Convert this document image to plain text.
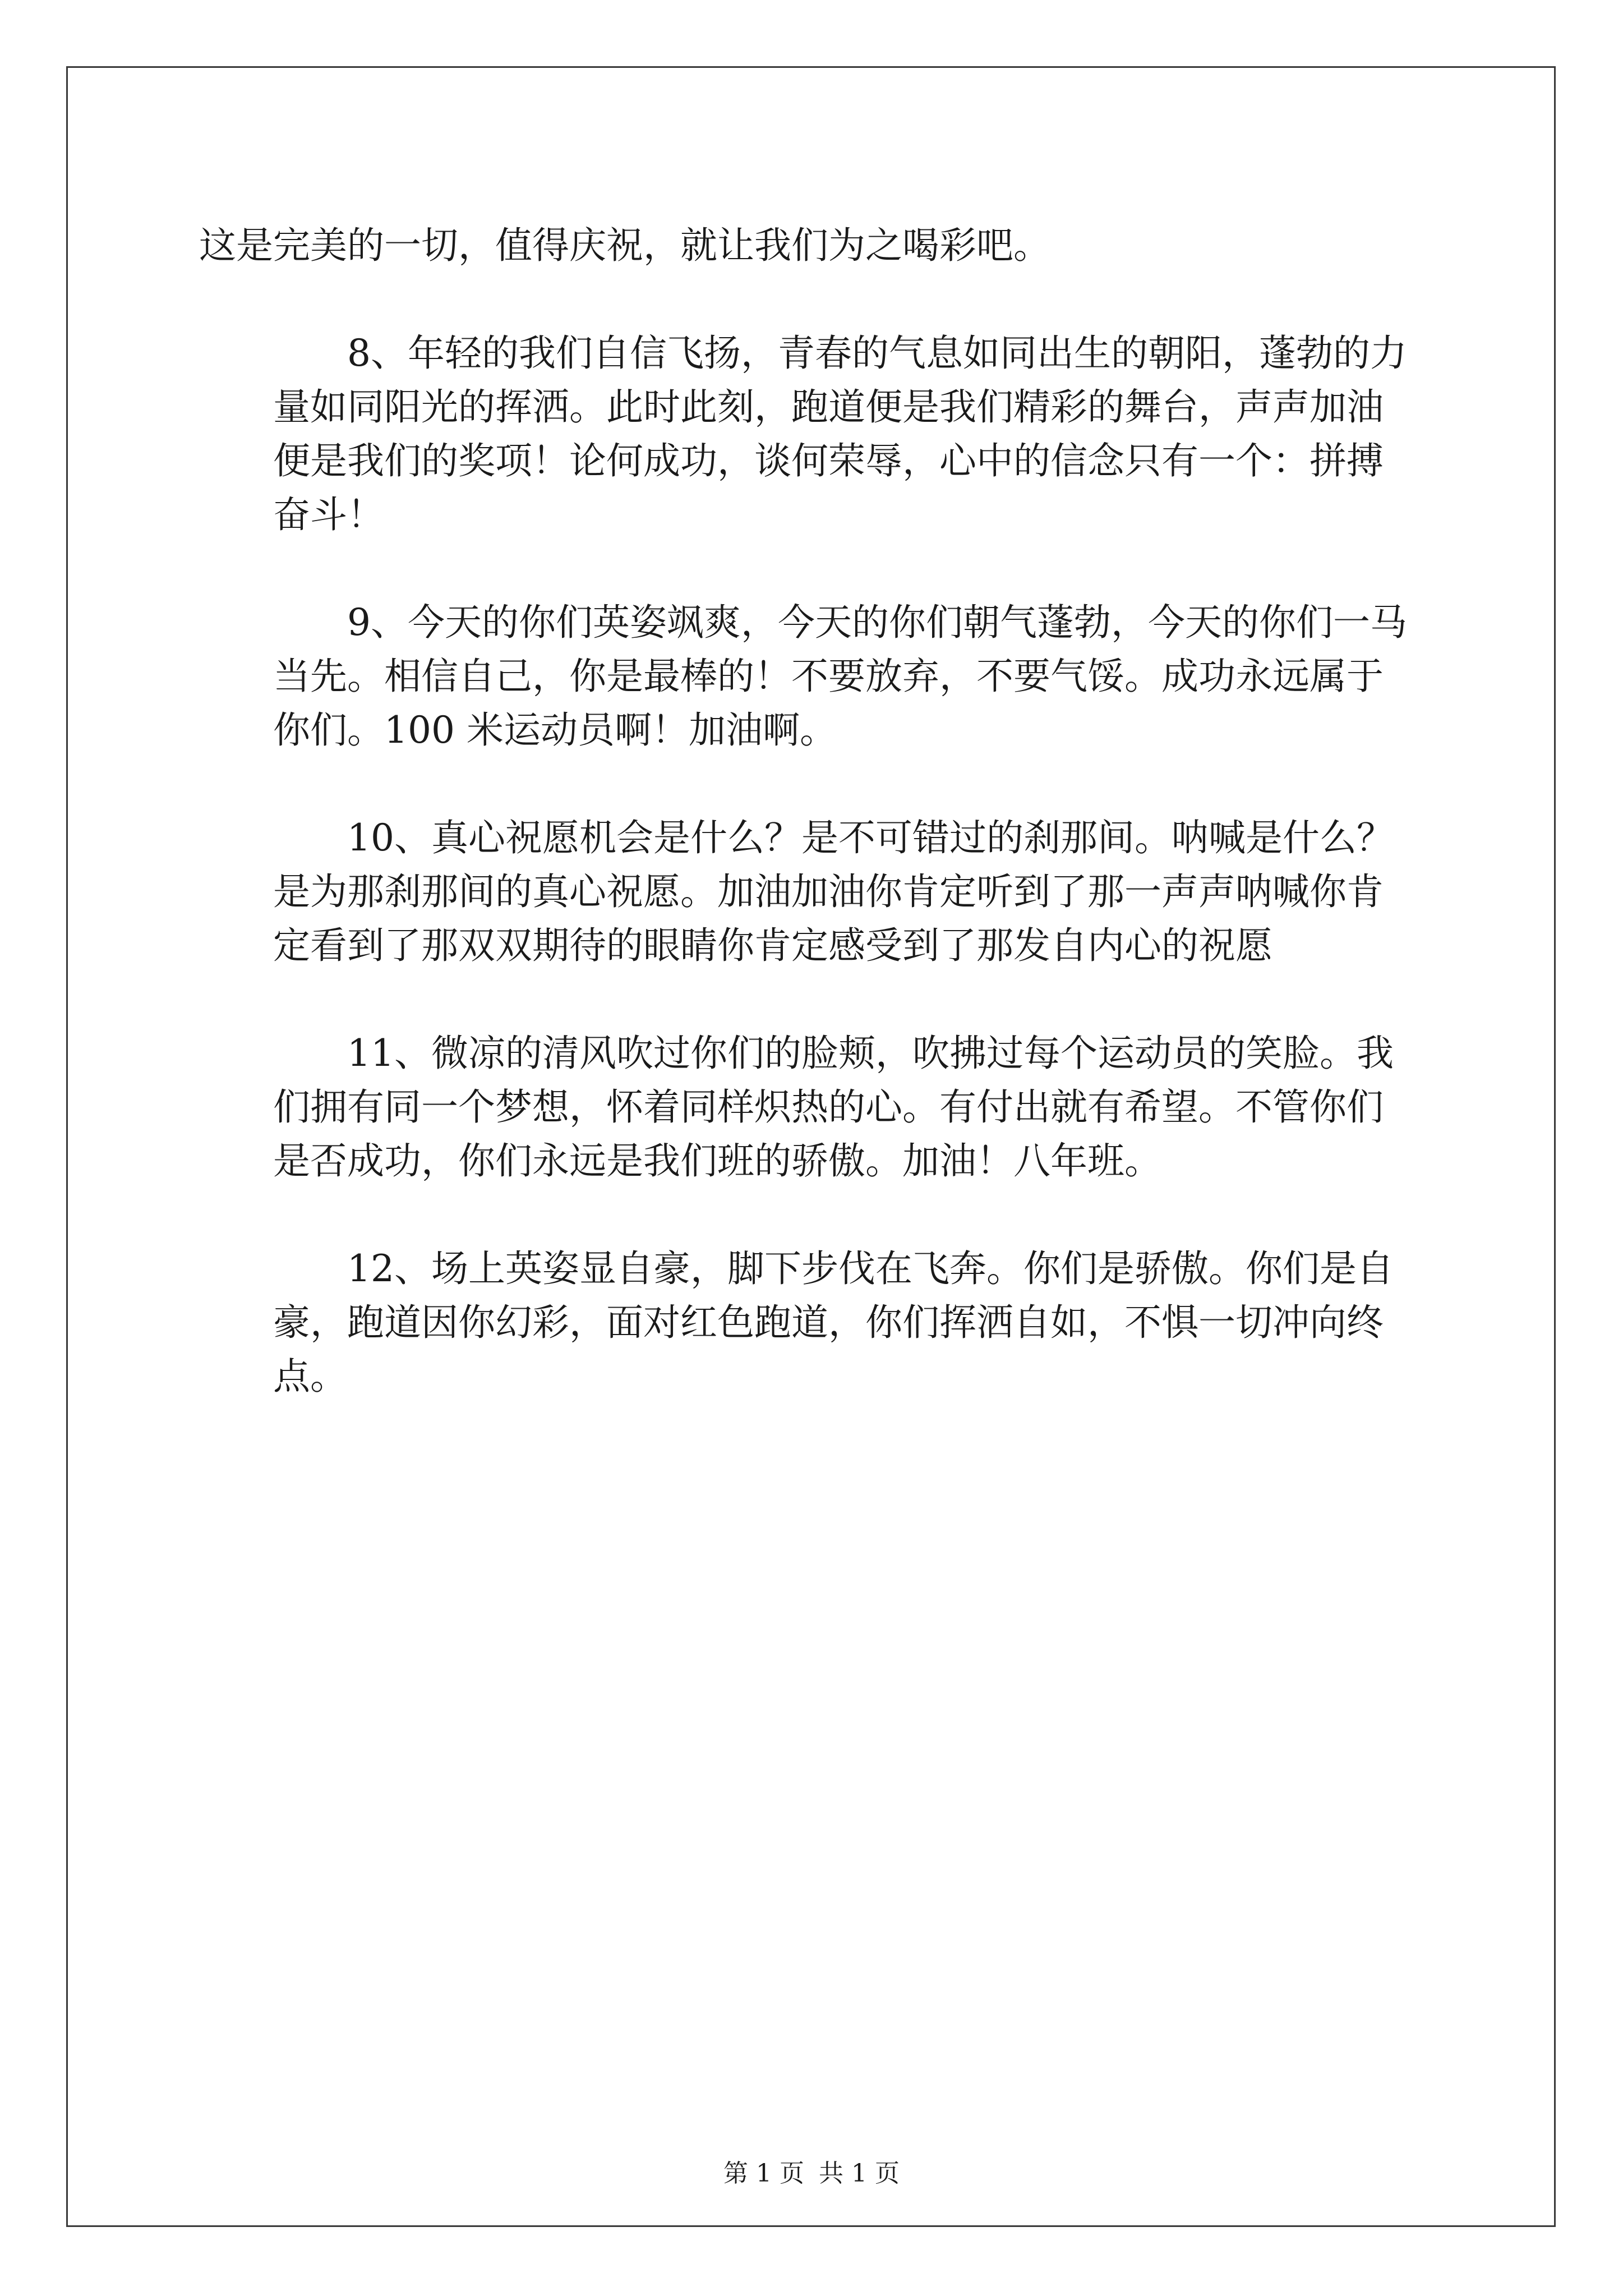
这是完美的一切，值得庆祝，就让我们为之喝彩吧。
8、年轻的我们自信飞扬，青春的气息如同出生的朝阳，蓬勃的力
量如同阳光的挥洒。此时此刻，跑道便是我们精彩的舞台，声声加油
便是我们的奖项！论何成功，谈何荣辱，心中的信念只有一个：拼搏
奋斗！
9、今天的你们英姿飒爽，今天的你们朝气蓬勃，今天的你们一马
当先。相信自己，你是最棒的！不要放弃，不要气馁。成功永远属于
你们。100 米运动员啊！加油啊。
10、真心祝愿机会是什么？是不可错过的刹那间。呐喊是什么？
是为那刹那间的真心祝愿。加油加油你肯定听到了那一声声呐喊你肯
定看到了那双双期待的眼睛你肯定感受到了那发自内心的祝愿
11、微凉的清风吹过你们的脸颊，吹拂过每个运动员的笑脸。我
们拥有同一个梦想，怀着同样炽热的心。有付出就有希望。不管你们
是否成功，你们永远是我们班的骄傲。加油！八年班。
12、场上英姿显自豪，脚下步伐在飞奔。你们是骄傲。你们是自
豪，跑道因你幻彩，面对红色跑道，你们挥洒自如，不惧一切冲向终
点。
第 1 页 共 1 页
